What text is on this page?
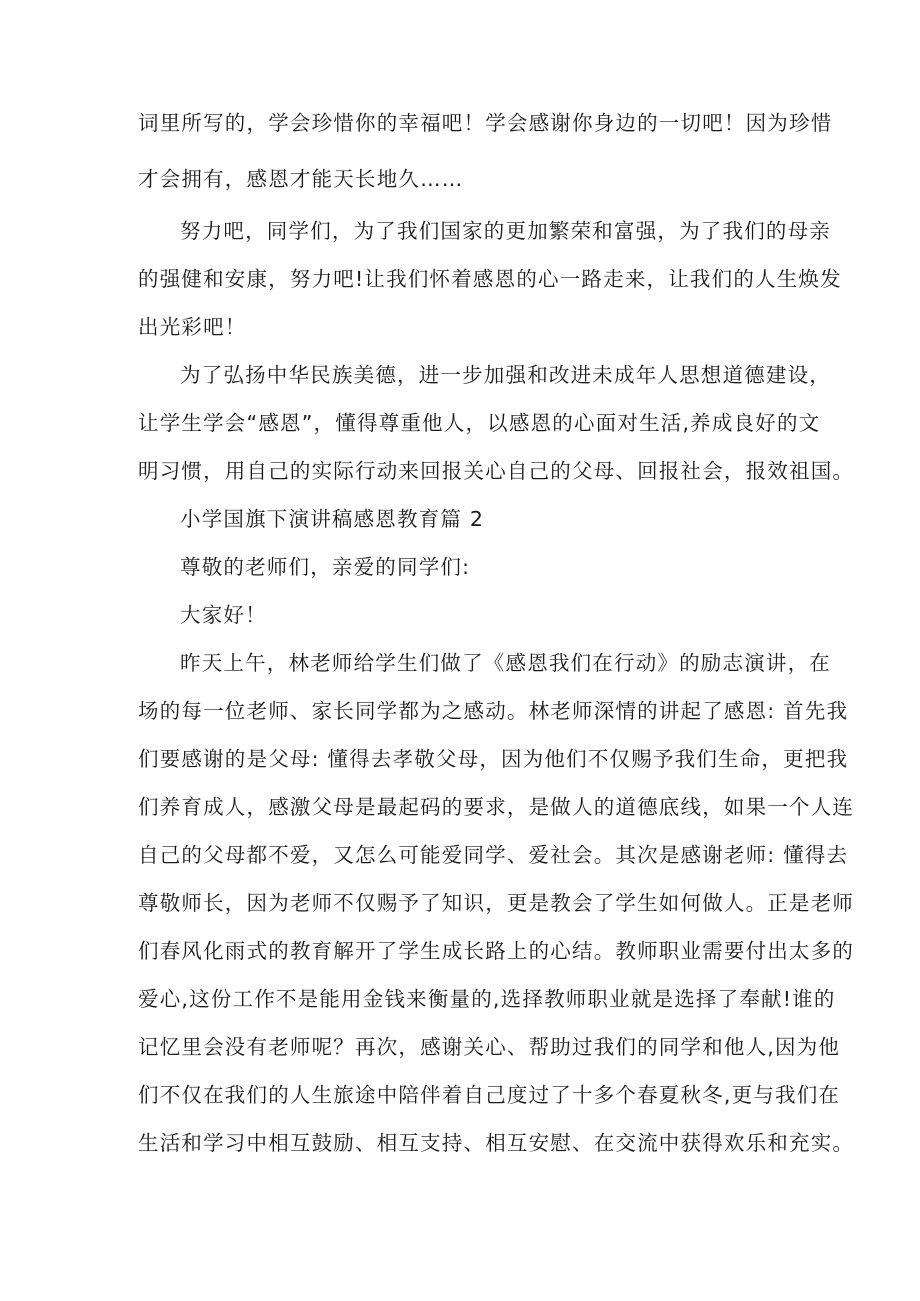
词里所写的，学会珍惜你的幸福吧！学会感谢你身边的一切吧！因为珍惜
才会拥有，感恩才能天长地久……
努力吧，同学们，为了我们国家的更加繁荣和富强，为了我们的母亲
的强健和安康，努力吧!让我们怀着感恩的心一路走来，让我们的人生焕发
出光彩吧！
为了弘扬中华民族美德，进一步加强和改进未成年人思想道德建设，
让学生学会“感恩”，懂得尊重他人，以感恩的心面对生活,养成良好的文
明习惯，用自己的实际行动来回报关心自己的父母、回报社会，报效祖国。
小学国旗下演讲稿感恩教育篇 2
尊敬的老师们，亲爱的同学们:
大家好！
昨天上午，林老师给学生们做了《感恩我们在行动》的励志演讲，在
场的每一位老师、家长同学都为之感动。林老师深情的讲起了感恩: 首先我
们要感谢的是父母: 懂得去孝敬父母，因为他们不仅赐予我们生命，更把我
们养育成人，感激父母是最起码的要求，是做人的道德底线，如果一个人连
自己的父母都不爱，又怎么可能爱同学、爱社会。其次是感谢老师: 懂得去
尊敬师长，因为老师不仅赐予了知识，更是教会了学生如何做人。正是老师
们春风化雨式的教育解开了学生成长路上的心结。教师职业需要付出太多的
爱心,这份工作不是能用金钱来衡量的,选择教师职业就是选择了奉献!谁的
记忆里会没有老师呢？再次，感谢关心、帮助过我们的同学和他人,因为他
们不仅在我们的人生旅途中陪伴着自己度过了十多个春夏秋冬,更与我们在
生活和学习中相互鼓励、相互支持、相互安慰、在交流中获得欢乐和充实。
